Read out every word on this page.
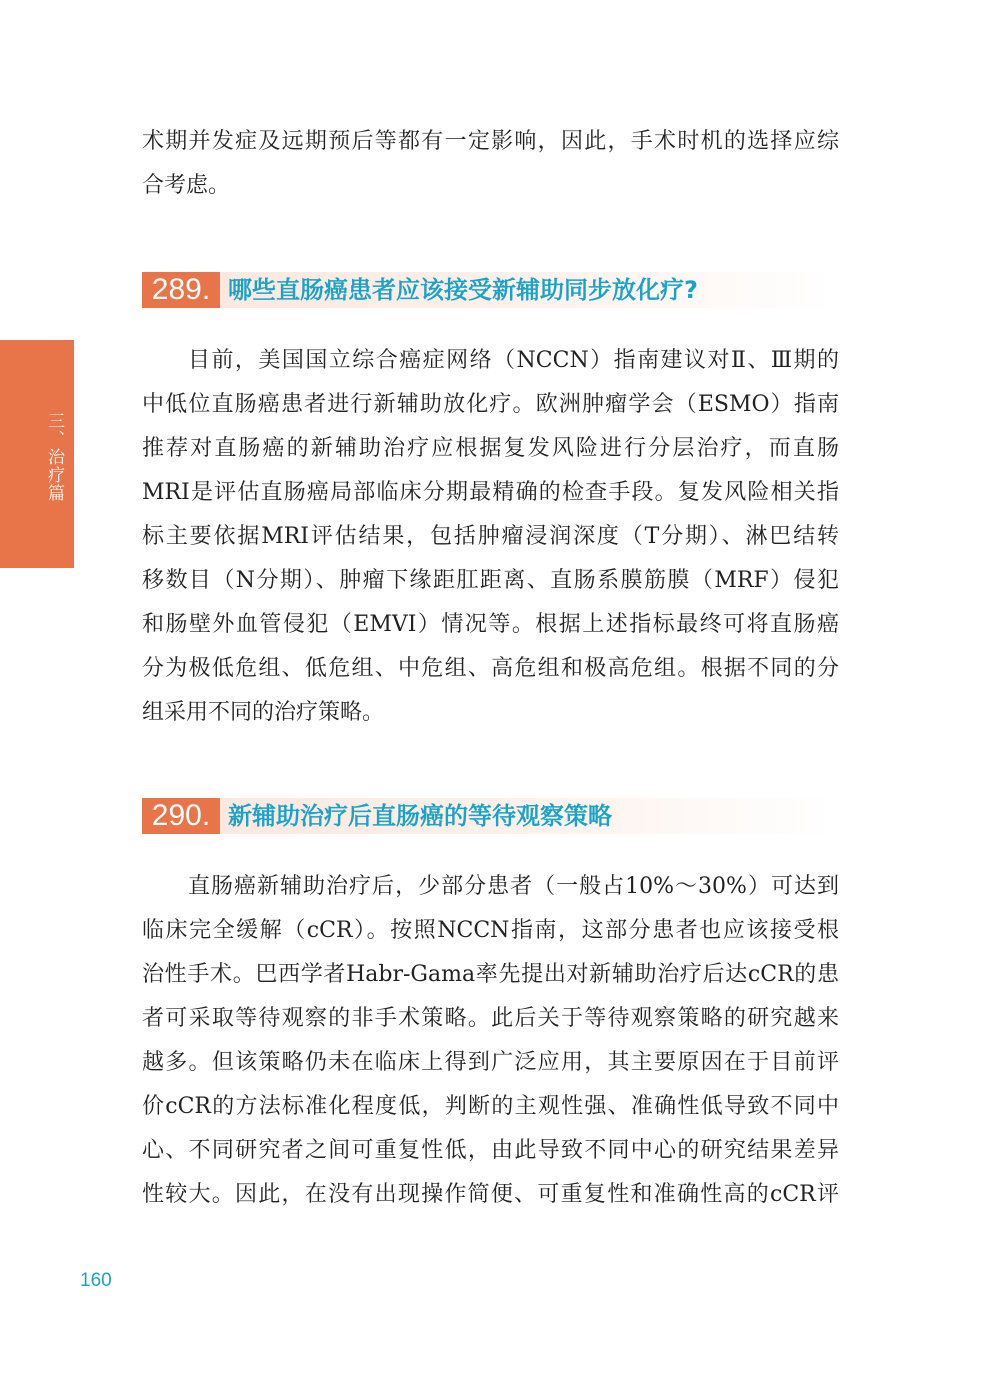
三、治疗篇
术期并发症及远期预后等都有一定影响，因此，手术时机的选择应综
合考虑。
289. 哪些直肠癌患者应该接受新辅助同步放化疗?
目前，美国国立综合癌症网络（NCCN）指南建议对Ⅱ、Ⅲ期的
中低位直肠癌患者进行新辅助放化疗。欧洲肿瘤学会（ESMO）指南
推荐对直肠癌的新辅助治疗应根据复发风险进行分层治疗，而直肠
MRI是评估直肠癌局部临床分期最精确的检查手段。复发风险相关指
标主要依据MRI评估结果，包括肿瘤浸润深度（T分期）、淋巴结转
移数目（N分期）、肿瘤下缘距肛距离、直肠系膜筋膜（MRF）侵犯
和肠壁外血管侵犯（EMVI）情况等。根据上述指标最终可将直肠癌
分为极低危组、低危组、中危组、高危组和极高危组。根据不同的分
组采用不同的治疗策略。
290. 新辅助治疗后直肠癌的等待观察策略
直肠癌新辅助治疗后，少部分患者（一般占10%～30%）可达到
临床完全缓解（cCR）。按照NCCN指南，这部分患者也应该接受根
治性手术。巴西学者Habr-Gama率先提出对新辅助治疗后达cCR的患
者可采取等待观察的非手术策略。此后关于等待观察策略的研究越来
越多。但该策略仍未在临床上得到广泛应用，其主要原因在于目前评
价cCR的方法标准化程度低，判断的主观性强、准确性低导致不同中
心、不同研究者之间可重复性低，由此导致不同中心的研究结果差异
性较大。因此，在没有出现操作简便、可重复性和准确性高的cCR评
160
